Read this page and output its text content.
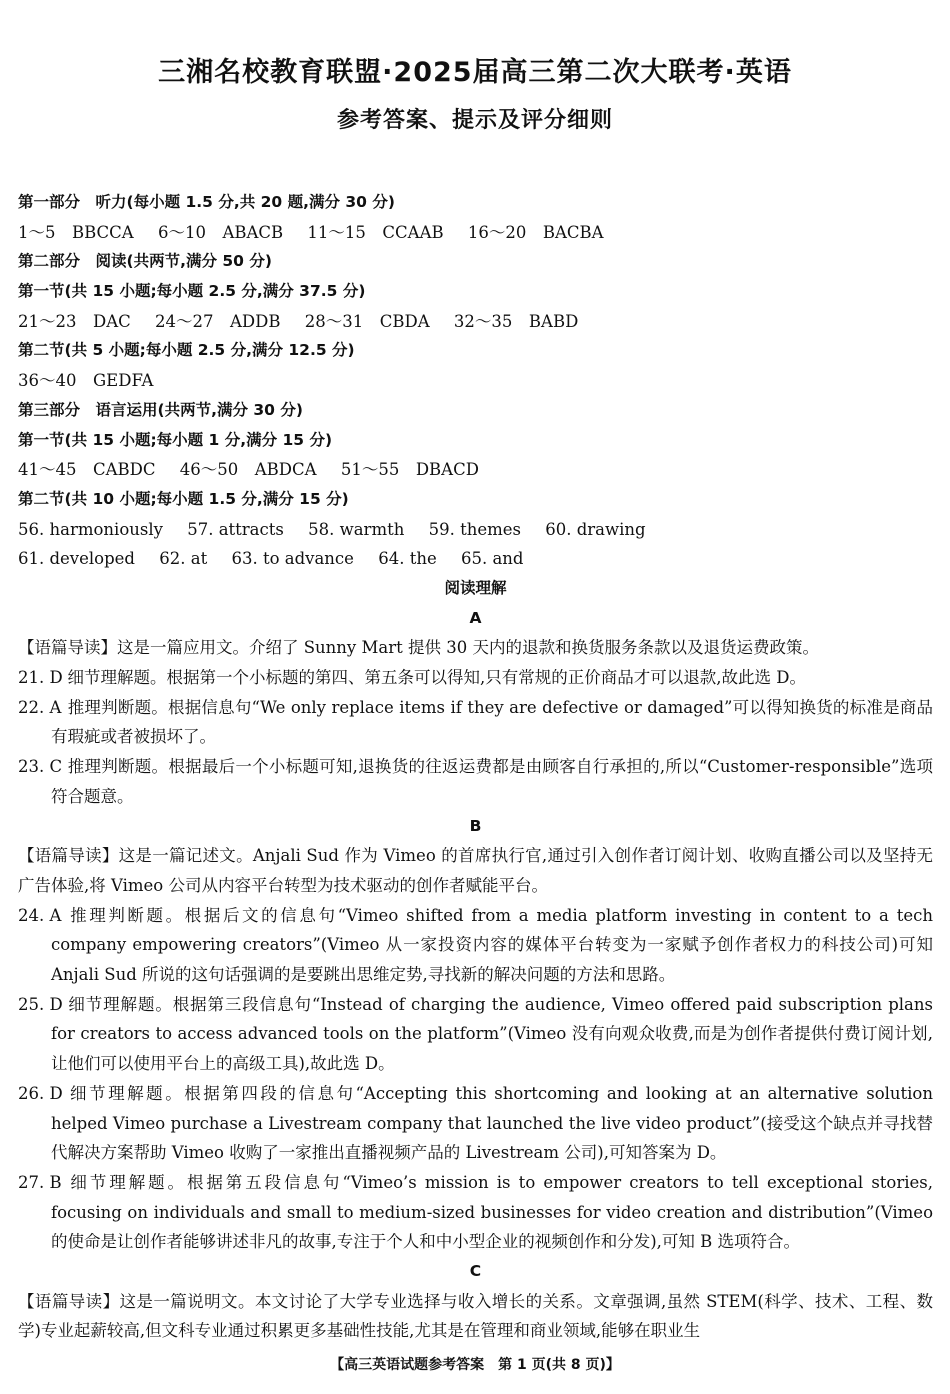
三湘名校教育联盟·2025届高三第二次大联考·英语
参考答案、提示及评分细则
第一部分　听力(每小题 1.5 分,共 20 题,满分 30 分)
1～5　BBCCA 6～10　ABACB 11～15　CCAAB 16～20　BACBA
第二部分　阅读(共两节,满分 50 分)
第一节(共 15 小题;每小题 2.5 分,满分 37.5 分)
21～23　DAC 24～27　ADDB 28～31　CBDA 32～35　BABD
第二节(共 5 小题;每小题 2.5 分,满分 12.5 分)
36～40　GEDFA
第三部分　语言运用(共两节,满分 30 分)
第一节(共 15 小题;每小题 1 分,满分 15 分)
41～45　CABDC 46～50　ABDCA 51～55　DBACD
第二节(共 10 小题;每小题 1.5 分,满分 15 分)
56. harmoniously 57. attracts 58. warmth 59. themes 60. drawing
61. developed 62. at 63. to advance 64. the 65. and
阅读理解
A
【语篇导读】这是一篇应用文。介绍了 Sunny Mart 提供 30 天内的退款和换货服务条款以及退货运费政策。
21. D
　细节理解题。根据第一个小标题的第四、第五条可以得知,只有常规的正价商品才可以退款,故此选 D。
22. A
　推理判断题。根据信息句“We only replace items if they are defective or damaged”可以得知换货的标准是商品有瑕疵或者被损坏了。
23. C
　推理判断题。根据最后一个小标题可知,退换货的往返运费都是由顾客自行承担的,所以“Customer-responsible”选项符合题意。
B
【语篇导读】这是一篇记述文。Anjali Sud 作为 Vimeo 的首席执行官,通过引入创作者订阅计划、收购直播公司以及坚持无广告体验,将 Vimeo 公司从内容平台转型为技术驱动的创作者赋能平台。
24. A
　推理判断题。根据后文的信息句“Vimeo shifted from a media platform investing in content to a tech company empowering creators”(Vimeo 从一家投资内容的媒体平台转变为一家赋予创作者权力的科技公司)可知 Anjali Sud 所说的这句话强调的是要跳出思维定势,寻找新的解决问题的方法和思路。
25. D
　细节理解题。根据第三段信息句“Instead of charging the audience, Vimeo offered paid subscription plans for creators to access advanced tools on the platform”(Vimeo 没有向观众收费,而是为创作者提供付费订阅计划,让他们可以使用平台上的高级工具),故此选 D。
26. D
　细节理解题。根据第四段的信息句“Accepting this shortcoming and looking at an alternative solution helped Vimeo purchase a Livestream company that launched the live video product”(接受这个缺点并寻找替代解决方案帮助 Vimeo 收购了一家推出直播视频产品的 Livestream 公司),可知答案为 D。
27. B
　细节理解题。根据第五段信息句“Vimeo’s mission is to empower creators to tell exceptional stories, focusing on individuals and small to medium-sized businesses for video creation and distribution”(Vimeo 的使命是让创作者能够讲述非凡的故事,专注于个人和中小型企业的视频创作和分发),可知 B 选项符合。
C
【语篇导读】这是一篇说明文。本文讨论了大学专业选择与收入增长的关系。文章强调,虽然 STEM(科学、技术、工程、数学)专业起薪较高,但文科专业通过积累更多基础性技能,尤其是在管理和商业领域,能够在职业生
【高三英语试题参考答案　第 1 页(共 8 页)】
